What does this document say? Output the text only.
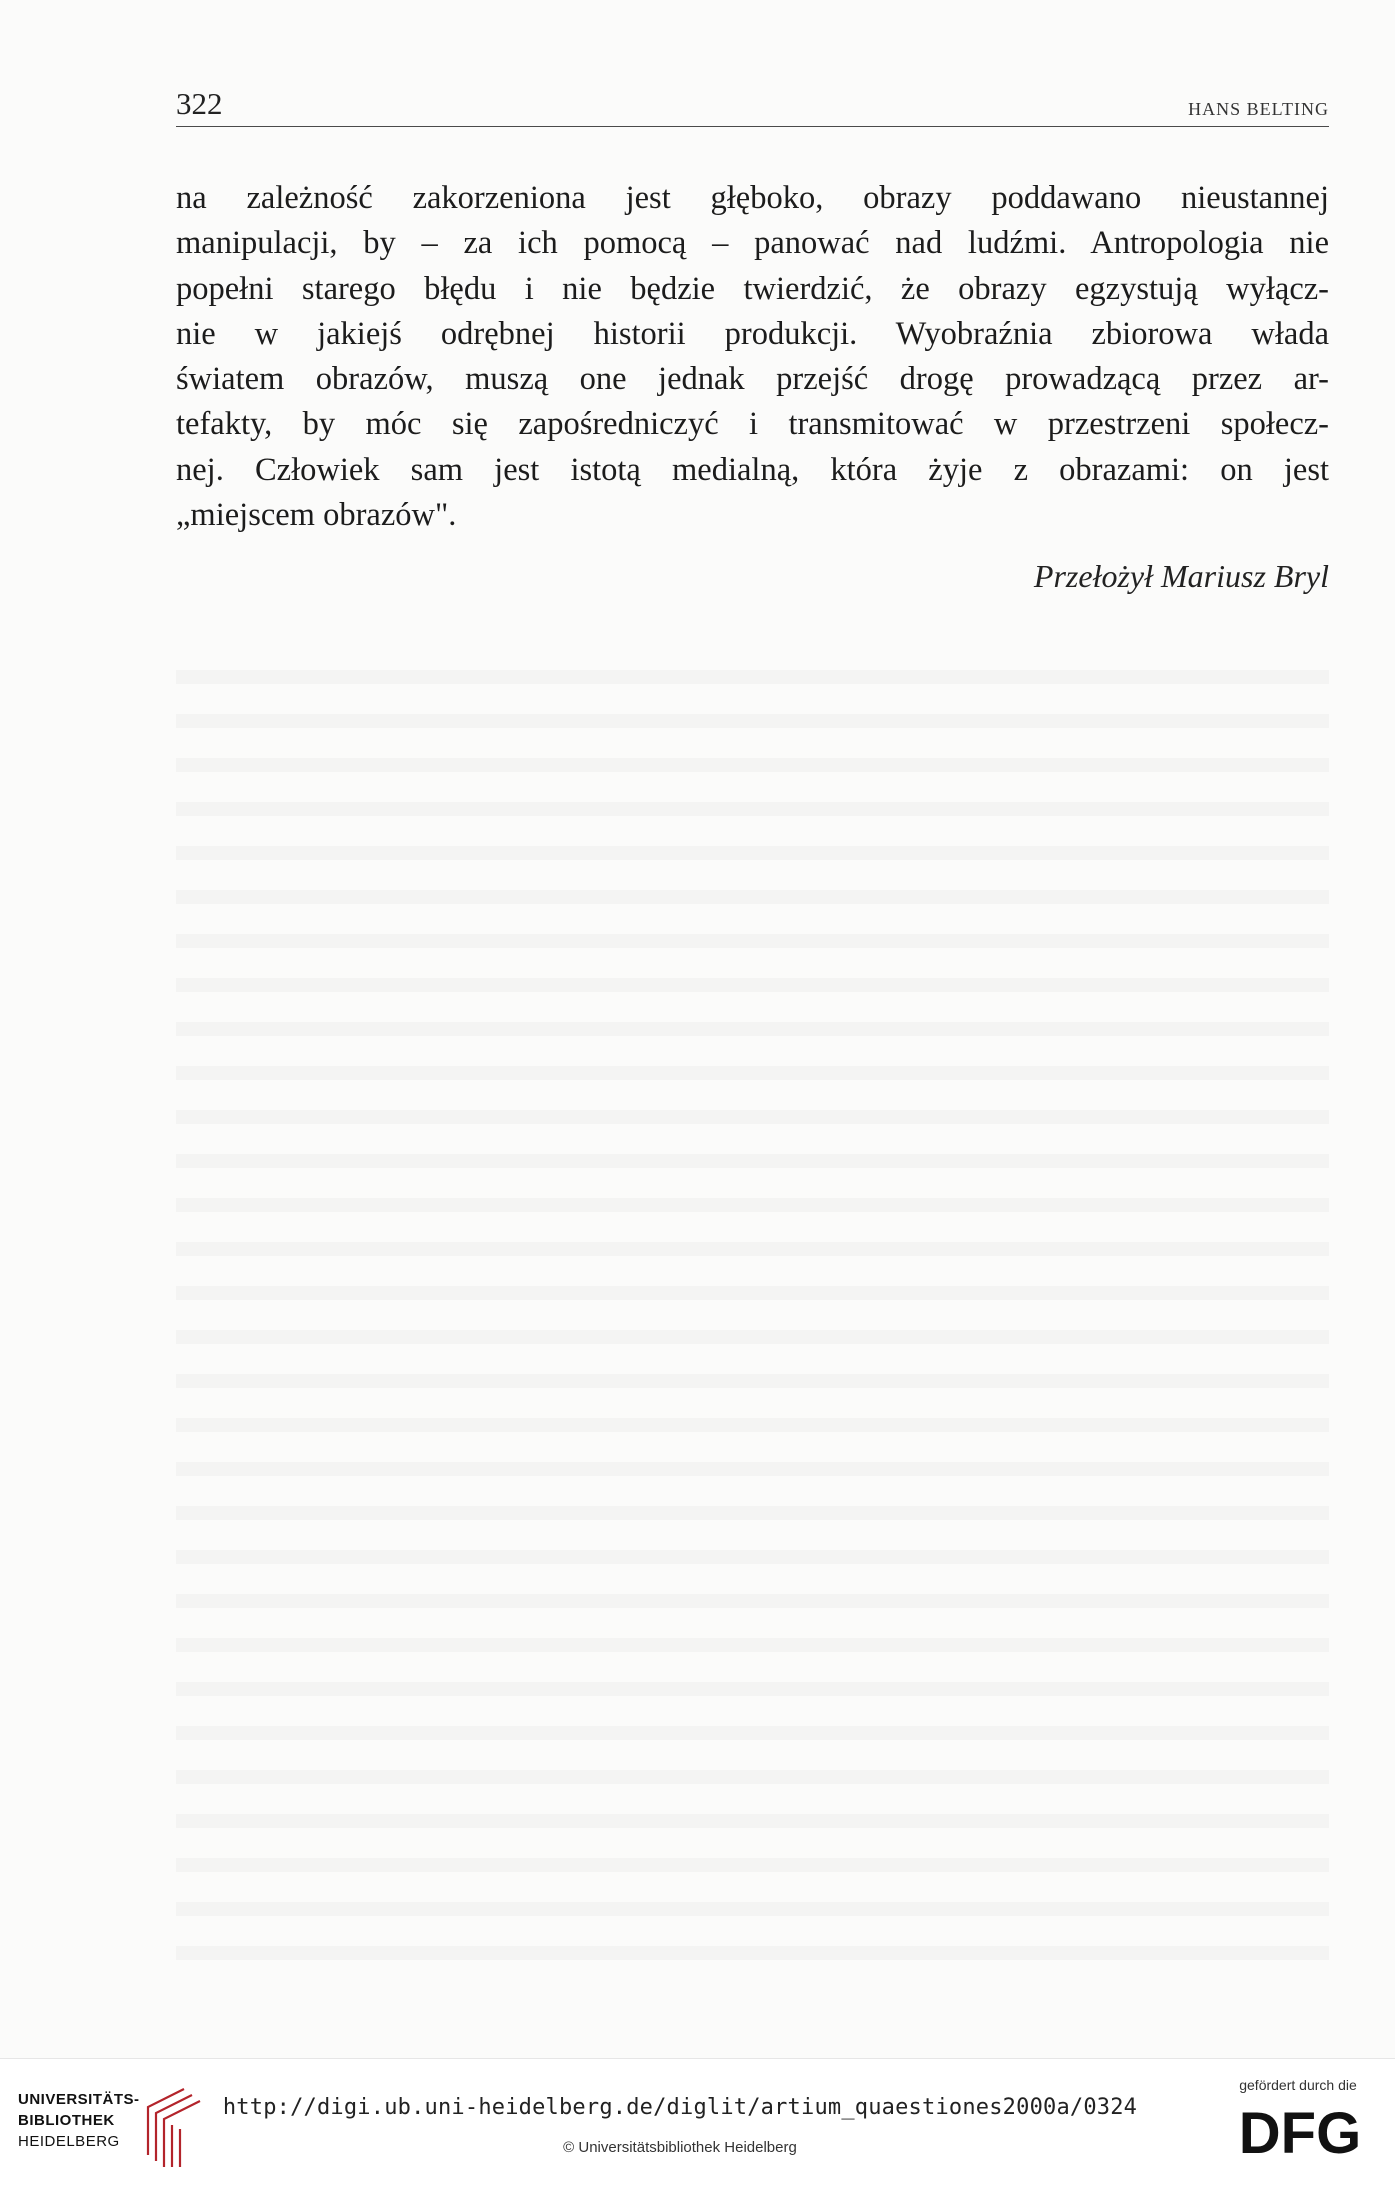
322	HANS BELTING
na zależność zakorzeniona jest głęboko, obrazy poddawano nieustannej
manipulacji, by – za ich pomocą – panować nad ludźmi. Antropologia nie
popełni starego błędu i nie będzie twierdzić, że obrazy egzystują wyłącz-
nie w jakiejś odrębnej historii produkcji. Wyobraźnia zbiorowa włada
światem obrazów, muszą one jednak przejść drogę prowadzącą przez ar-
tefakty, by móc się zapośredniczyć i transmitować w przestrzeni społecz-
nej. Człowiek sam jest istotą medialną, która żyje z obrazami: on jest
„miejscem obrazów".
Przełożył Mariusz Bryl
UNIVERSITÄTS-
BIBLIOTHEK
HEIDELBERG
http://digi.ub.uni-heidelberg.de/diglit/artium_quaestiones2000a/0324
© Universitätsbibliothek Heidelberg
gefördert durch die
DFG
